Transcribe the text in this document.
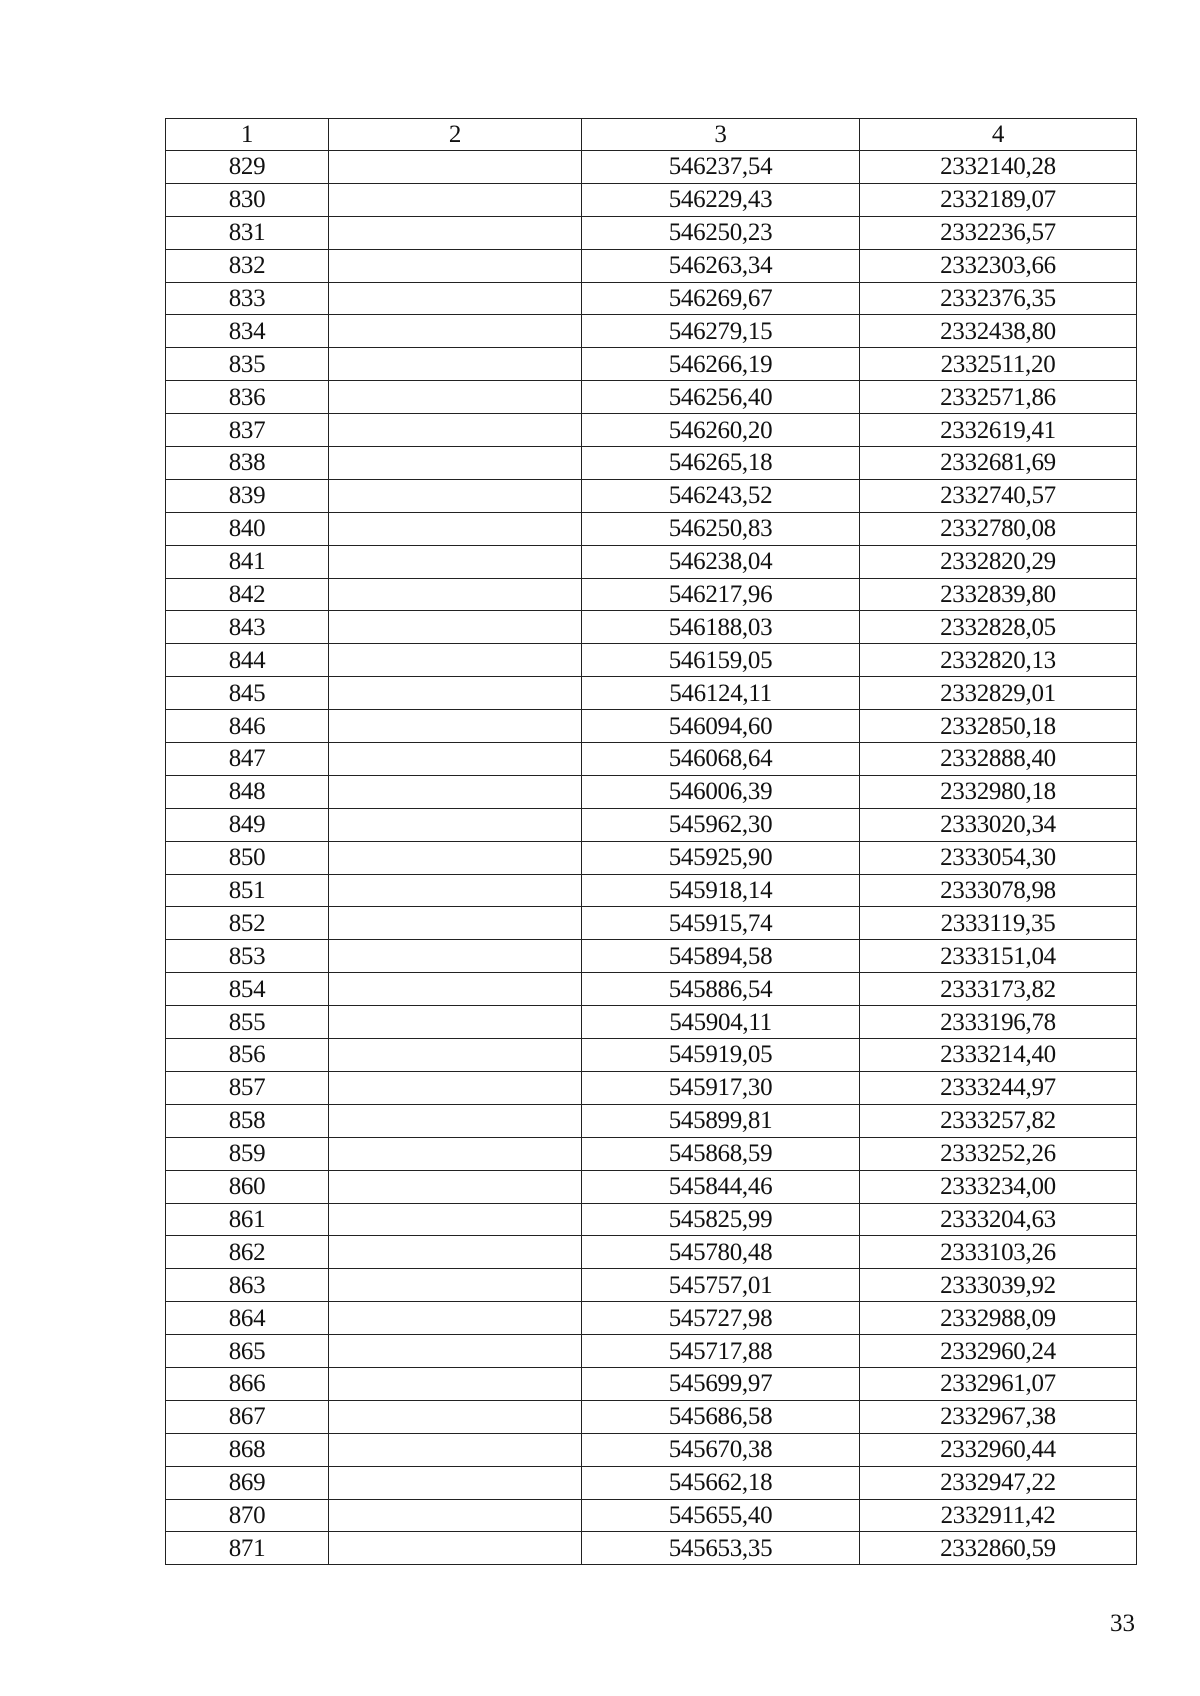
1	2	3	4
829		546237,54	2332140,28
830		546229,43	2332189,07
831		546250,23	2332236,57
832		546263,34	2332303,66
833		546269,67	2332376,35
834		546279,15	2332438,80
835		546266,19	2332511,20
836		546256,40	2332571,86
837		546260,20	2332619,41
838		546265,18	2332681,69
839		546243,52	2332740,57
840		546250,83	2332780,08
841		546238,04	2332820,29
842		546217,96	2332839,80
843		546188,03	2332828,05
844		546159,05	2332820,13
845		546124,11	2332829,01
846		546094,60	2332850,18
847		546068,64	2332888,40
848		546006,39	2332980,18
849		545962,30	2333020,34
850		545925,90	2333054,30
851		545918,14	2333078,98
852		545915,74	2333119,35
853		545894,58	2333151,04
854		545886,54	2333173,82
855		545904,11	2333196,78
856		545919,05	2333214,40
857		545917,30	2333244,97
858		545899,81	2333257,82
859		545868,59	2333252,26
860		545844,46	2333234,00
861		545825,99	2333204,63
862		545780,48	2333103,26
863		545757,01	2333039,92
864		545727,98	2332988,09
865		545717,88	2332960,24
866		545699,97	2332961,07
867		545686,58	2332967,38
868		545670,38	2332960,44
869		545662,18	2332947,22
870		545655,40	2332911,42
871		545653,35	2332860,59
33
